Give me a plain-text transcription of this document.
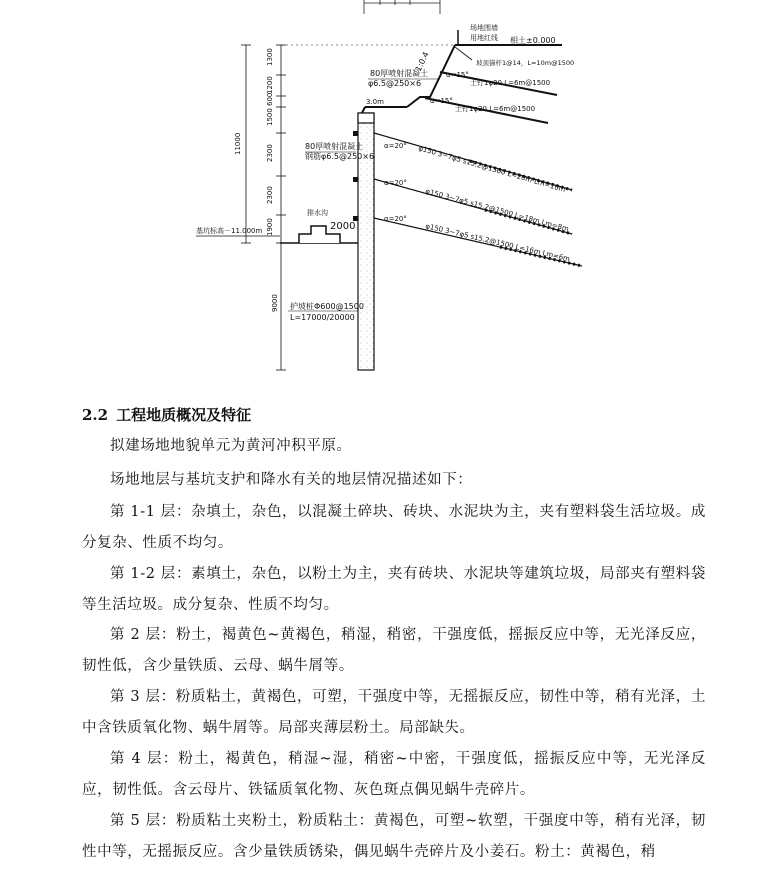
场地围墙
用地红线 相土±0.000
坡顶锚杆1@14，L=10m@1500
1:0.4
80厚喷射混凝土
φ6.5@250×6
α=15°
土钉1φ20 L=6m@1500
α=15°
土钉1φ20 L=6m@1500
3.0m
α=20° φ150 3~7φ5 s15.2@1500 L=20m Lm=10m
α=20°
φ150 3~7φ5 s15.2@1500 L=18m Lm=8m
α=20°
φ150 3~7φ5 s15.2@1500 L=16m Lm=6m
80厚喷射混凝土
钢筋φ6.5@250×6
1300
1200
600
1500
2300
2300
1900
11000
9000
排水沟
2000
基坑标高－11.000m
护坡桩Φ600@1500
L=17000/20000
2.2 工程地质概况及特征

拟建场地地貌单元为黄河冲积平原。

场地地层与基坑支护和降水有关的地层情况描述如下：

第 1-1 层：杂填土，杂色，以混凝土碎块、砖块、水泥块为主，夹有塑料袋生活垃圾。成分复杂、性质不均匀。

第 1-2 层：素填土，杂色，以粉土为主，夹有砖块、水泥块等建筑垃圾，局部夹有塑料袋等生活垃圾。成分复杂、性质不均匀。

第 2 层：粉土，褐黄色~黄褐色，稍湿，稍密，干强度低，摇振反应中等，无光泽反应，韧性低，含少量铁质、云母、蜗牛屑等。

第 3 层：粉质粘土，黄褐色，可塑，干强度中等，无摇振反应，韧性中等，稍有光泽，土中含铁质氧化物、蜗牛屑等。局部夹薄层粉土。局部缺失。

第 4 层：粉土，褐黄色，稍湿~湿，稍密~中密，干强度低，摇振反应中等，无光泽反应，韧性低。含云母片、铁锰质氧化物、灰色斑点偶见蜗牛壳碎片。

第 5 层：粉质粘土夹粉土，粉质粘土：黄褐色，可塑~软塑，干强度中等，稍有光泽，韧性中等，无摇振反应。含少量铁质锈染，偶见蜗牛壳碎片及小姜石。粉土：黄褐色，稍
